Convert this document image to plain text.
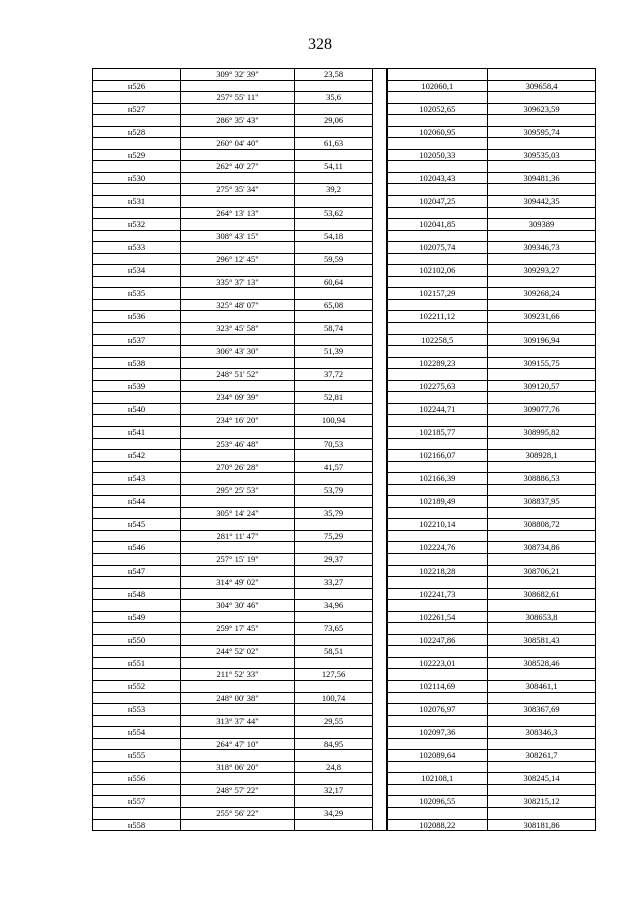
328
	309° 32' 39"	23,58			
н526				102060,1	309658,4
	257° 55' 11"	35,6			
н527				102052,65	309623,59
	286° 35' 43"	29,06			
н528				102060,95	309595,74
	260° 04' 40"	61,63			
н529				102050,33	309535,03
	262° 40' 27"	54,11			
н530				102043,43	309481,36
	275° 35' 34"	39,2			
н531				102047,25	309442,35
	264° 13' 13"	53,62			
н532				102041,85	309389
	308° 43' 15"	54,18			
н533				102075,74	309346,73
	296° 12' 45"	59,59			
н534				102102,06	309293,27
	335° 37' 13"	60,64			
н535				102157,29	309268,24
	325° 48' 07"	65,08			
н536				102211,12	309231,66
	323° 45' 58"	58,74			
н537				102258,5	309196,94
	306° 43' 30"	51,39			
н538				102289,23	309155,75
	248° 51' 52"	37,72			
н539				102275,63	309120,57
	234° 09' 39"	52,81			
н540				102244,71	309077,76
	234° 16' 20"	100,94			
н541				102185,77	308995,82
	253° 46' 48"	70,53			
н542				102166,07	308928,1
	270° 26' 28"	41,57			
н543				102166,39	308886,53
	295° 25' 53"	53,79			
н544				102189,49	308837,95
	305° 14' 24"	35,79			
н545				102210,14	308808,72
	281° 11' 47"	75,29			
н546				102224,76	308734,86
	257° 15' 19"	29,37			
н547				102218,28	308706,21
	314° 49' 02"	33,27			
н548				102241,73	308682,61
	304° 30' 46"	34,96			
н549				102261,54	308653,8
	259° 17' 45"	73,65			
н550				102247,86	308581,43
	244° 52' 02"	58,51			
н551				102223,01	308528,46
	211° 52' 33"	127,56			
н552				102114,69	308461,1
	248° 00' 38"	100,74			
н553				102076,97	308367,69
	313° 37' 44"	29,55			
н554				102097,36	308346,3
	264° 47' 10"	84,95			
н555				102089,64	308261,7
	318° 06' 20"	24,8			
н556				102108,1	308245,14
	248° 57' 22"	32,17			
н557				102096,55	308215,12
	255° 56' 22"	34,29			
н558				102088,22	308181,86
